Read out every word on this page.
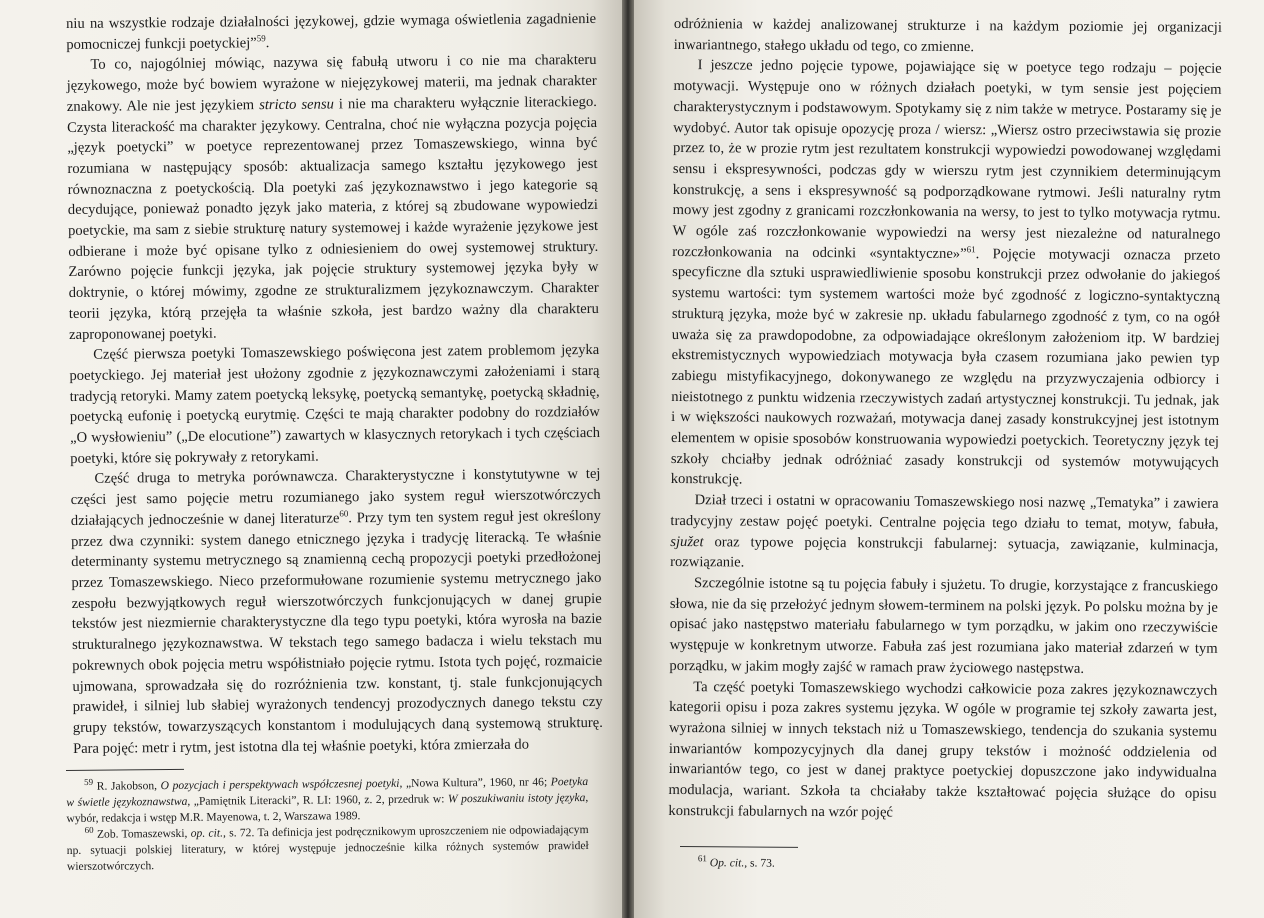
niu na wszystkie rodzaje działalności językowej, gdzie wymaga oświetlenia zagadnienie pomocniczej funkcji poetyckiej”$^{59}$.

To co, najogólniej mówiąc, nazywa się fabułą utworu i co nie ma charakteru językowego, może być bowiem wyrażone w niejęzykowej materii, ma jednak charakter znakowy. Ale nie jest językiem stricto sensu i nie ma charakteru wyłącznie literackiego. Czysta literackość ma charakter językowy. Centralna, choć nie wyłączna pozycja pojęcia „język poetycki” w poetyce reprezentowanej przez Tomaszewskiego, winna być rozumiana w następujący sposób: aktualizacja samego kształtu językowego jest równoznaczna z poetyckością. Dla poetyki zaś językoznawstwo i jego kategorie są decydujące, ponieważ ponadto język jako materia, z której są zbudowane wypowiedzi poetyckie, ma sam z siebie strukturę natury systemowej i każde wyrażenie językowe jest odbierane i może być opisane tylko z odniesieniem do owej systemowej struktury. Zarówno pojęcie funkcji języka, jak pojęcie struktury systemowej języka były w doktrynie, o której mówimy, zgodne ze strukturalizmem językoznawczym. Charakter teorii języka, którą przejęła ta właśnie szkoła, jest bardzo ważny dla charakteru zaproponowanej poetyki.

Część pierwsza poetyki Tomaszewskiego poświęcona jest zatem problemom języka poetyckiego. Jej materiał jest ułożony zgodnie z językoznawczymi założeniami i starą tradycją retoryki. Mamy zatem poetycką leksykę, poetycką semantykę, poetycką składnię, poetycką eufonię i poetycką eurytmię. Części te mają charakter podobny do rozdziałów „O wysłowieniu” („De elocutione”) zawartych w klasycznych retorykach i tych częściach poetyki, które się pokrywały z retorykami.

Część druga to metryka porównawcza. Charakterystyczne i konstytutywne w tej części jest samo pojęcie metru rozumianego jako system reguł wierszotwórczych działających jednocześnie w danej literaturze$^{60}$. Przy tym ten system reguł jest określony przez dwa czynniki: system danego etnicznego języka i tradycję literacką. Te właśnie determinanty systemu metrycznego są znamienną cechą propozycji poetyki przedłożonej przez Tomaszewskiego. Nieco przeformułowane rozumienie systemu metrycznego jako zespołu bezwyjątkowych reguł wierszotwórczych funkcjonujących w danej grupie tekstów jest niezmiernie charakterystyczne dla tego typu poetyki, która wyrosła na bazie strukturalnego językoznawstwa. W tekstach tego samego badacza i wielu tekstach mu pokrewnych obok pojęcia metru współistniało pojęcie rytmu. Istota tych pojęć, rozmaicie ujmowana, sprowadzała się do rozróżnienia tzw. konstant, tj. stale funkcjonujących prawideł, i silniej lub słabiej wyrażonych tendencyj prozodycznych danego tekstu czy grupy tekstów, towarzyszących konstantom i modulujących daną systemową strukturę. Para pojęć: metr i rytm, jest istotna dla tej właśnie poetyki, która zmierzała do

$^{59}$ R. Jakobson, O pozycjach i perspektywach współczesnej poetyki, „Nowa Kultura”, 1960, nr 46; Poetyka w świetle językoznawstwa, „Pamiętnik Literacki”, R. LI: 1960, z. 2, przedruk w: W poszukiwaniu istoty języka, wybór, redakcja i wstęp M.R. Mayenowa, t. 2, Warszawa 1989.

$^{60}$ Zob. Tomaszewski, op. cit., s. 72. Ta definicja jest podręcznikowym uproszczeniem nie odpowiadającym np. sytuacji polskiej literatury, w której występuje jednocześnie kilka różnych systemów prawideł wierszotwórczych.

odróżnienia w każdej analizowanej strukturze i na każdym poziomie jej organizacji inwariantnego, stałego układu od tego, co zmienne.

I jeszcze jedno pojęcie typowe, pojawiające się w poetyce tego rodzaju – pojęcie motywacji. Występuje ono w różnych działach poetyki, w tym sensie jest pojęciem charakterystycznym i podstawowym. Spotykamy się z nim także w metryce. Postaramy się je wydobyć. Autor tak opisuje opozycję proza / wiersz: „Wiersz ostro przeciwstawia się prozie przez to, że w prozie rytm jest rezultatem konstrukcji wypowiedzi powodowanej względami sensu i ekspresywności, podczas gdy w wierszu rytm jest czynnikiem determinującym konstrukcję, a sens i ekspresywność są podporządkowane rytmowi. Jeśli naturalny rytm mowy jest zgodny z granicami rozczłonkowania na wersy, to jest to tylko motywacja rytmu. W ogóle zaś rozczłonkowanie wypowiedzi na wersy jest niezależne od naturalnego rozczłonkowania na odcinki «syntaktyczne»”$^{61}$. Pojęcie motywacji oznacza przeto specyficzne dla sztuki usprawiedliwienie sposobu konstrukcji przez odwołanie do jakiegoś systemu wartości: tym systemem wartości może być zgodność z logiczno-syntaktyczną strukturą języka, może być w zakresie np. układu fabularnego zgodność z tym, co na ogół uważa się za prawdopodobne, za odpowiadające określonym założeniom itp. W bardziej ekstremistycznych wypowiedziach motywacja była czasem rozumiana jako pewien typ zabiegu mistyfikacyjnego, dokonywanego ze względu na przyzwyczajenia odbiorcy i nieistotnego z punktu widzenia rzeczywistych zadań artystycznej konstrukcji. Tu jednak, jak i w większości naukowych rozważań, motywacja danej zasady konstrukcyjnej jest istotnym elementem w opisie sposobów konstruowania wypowiedzi poetyckich. Teoretyczny język tej szkoły chciałby jednak odróżniać zasady konstrukcji od systemów motywujących konstrukcję.

Dział trzeci i ostatni w opracowaniu Tomaszewskiego nosi nazwę „Tematyka” i zawiera tradycyjny zestaw pojęć poetyki. Centralne pojęcia tego działu to temat, motyw, fabuła, sjužet oraz typowe pojęcia konstrukcji fabularnej: sytuacja, zawiązanie, kulminacja, rozwiązanie.

Szczególnie istotne są tu pojęcia fabuły i sjużetu. To drugie, korzystające z francuskiego słowa, nie da się przełożyć jednym słowem-terminem na polski język. Po polsku można by je opisać jako następstwo materiału fabularnego w tym porządku, w jakim ono rzeczywiście występuje w konkretnym utworze. Fabuła zaś jest rozumiana jako materiał zdarzeń w tym porządku, w jakim mogły zajść w ramach praw życiowego następstwa.

Ta część poetyki Tomaszewskiego wychodzi całkowicie poza zakres językoznawczych kategorii opisu i poza zakres systemu języka. W ogóle w programie tej szkoły zawarta jest, wyrażona silniej w innych tekstach niż u Tomaszewskiego, tendencja do szukania systemu inwariantów kompozycyjnych dla danej grupy tekstów i możność oddzielenia od inwariantów tego, co jest w danej praktyce poetyckiej dopuszczone jako indywidualna modulacja, wariant. Szkoła ta chciałaby także kształtować pojęcia służące do opisu konstrukcji fabularnych na wzór pojęć

$^{61}$ Op. cit., s. 73.
